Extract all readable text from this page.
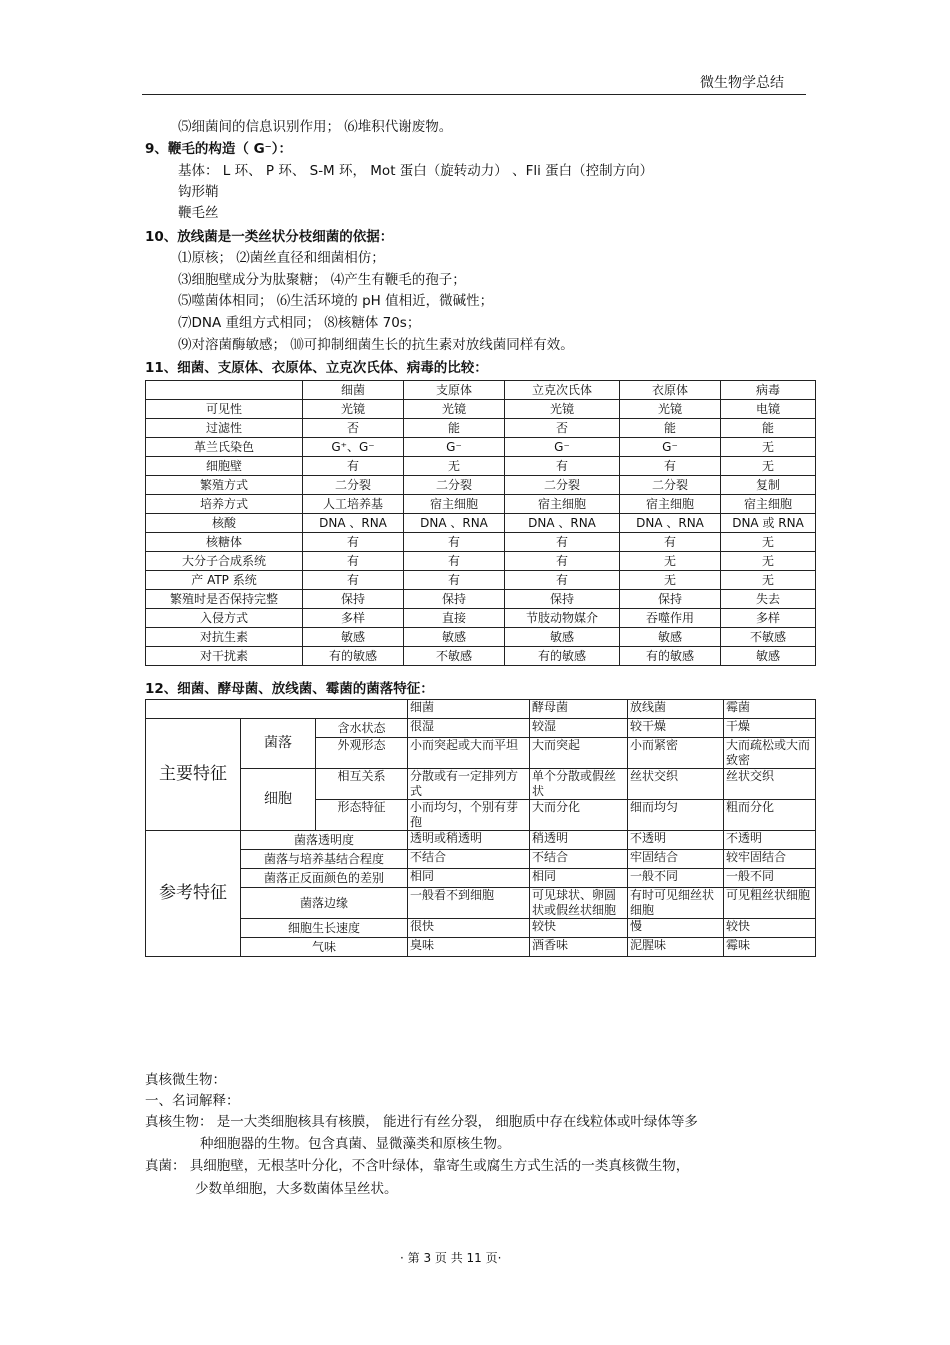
微生物学总结
⑸细菌间的信息识别作用； ⑹堆积代谢废物。
9、鞭毛的构造（ G⁻）：
基体： L 环、 P 环、 S-M 环， Mot 蛋白（旋转动力） 、Fli 蛋白（控制方向）
钩形鞘
鞭毛丝
10、放线菌是一类丝状分枝细菌的依据：
⑴原核； ⑵菌丝直径和细菌相仿；
⑶细胞壁成分为肽聚糖； ⑷产生有鞭毛的孢子；
⑸噬菌体相同； ⑹生活环境的 pH 值相近，微碱性；
⑺DNA 重组方式相同； ⑻核糖体 70s；
⑼对溶菌酶敏感； ⑽可抑制细菌生长的抗生素对放线菌同样有效。
11、细菌、支原体、衣原体、立克次氏体、病毒的比较：
	细菌	支原体	立克次氏体	衣原体	病毒
可见性	光镜	光镜	光镜	光镜	电镜
过滤性	否	能	否	能	能
革兰氏染色	G⁺、G⁻	G⁻	G⁻	G⁻	无
细胞壁	有	无	有	有	无
繁殖方式	二分裂	二分裂	二分裂	二分裂	复制
培养方式	人工培养基	宿主细胞	宿主细胞	宿主细胞	宿主细胞
核酸	DNA 、RNA	DNA 、RNA	DNA 、RNA	DNA 、RNA	DNA 或 RNA
核糖体	有	有	有	有	无
大分子合成系统	有	有	有	无	无
产 ATP 系统	有	有	有	无	无
繁殖时是否保持完整	保持	保持	保持	保持	失去
入侵方式	多样	直接	节肢动物媒介	吞噬作用	多样
对抗生素	敏感	敏感	敏感	敏感	不敏感
对干扰素	有的敏感	不敏感	有的敏感	有的敏感	敏感
12、细菌、酵母菌、放线菌、霉菌的菌落特征：
			细菌	酵母菌	放线菌	霉菌
主要特征	菌落	含水状态	很湿	较湿	较干燥	干燥
		外观形态	小而突起或大而平坦	大而突起	小而紧密	大而疏松或大而致密
	细胞	相互关系	分散或有一定排列方式	单个分散或假丝状	丝状交织	丝状交织
		形态特征	小而均匀，个别有芽孢	大而分化	细而均匀	粗而分化
参考特征	菌落透明度		透明或稍透明	稍透明	不透明	不透明
	菌落与培养基结合程度		不结合	不结合	牢固结合	较牢固结合
	菌落正反面颜色的差别		相同	相同	一般不同	一般不同
	菌落边缘		一般看不到细胞	可见球状、卵圆状或假丝状细胞	有时可见细丝状细胞	可见粗丝状细胞
	细胞生长速度		很快	较快	慢	较快
	气味		臭味	酒香味	泥腥味	霉味
真核微生物：
一、名词解释：
真核生物： 是一大类细胞核具有核膜， 能进行有丝分裂， 细胞质中存在线粒体或叶绿体等多
种细胞器的生物。包含真菌、显微藻类和原核生物。
真菌： 具细胞壁，无根茎叶分化，不含叶绿体，靠寄生或腐生方式生活的一类真核微生物，
少数单细胞，大多数菌体呈丝状。
· 第 3 页 共 11 页·
